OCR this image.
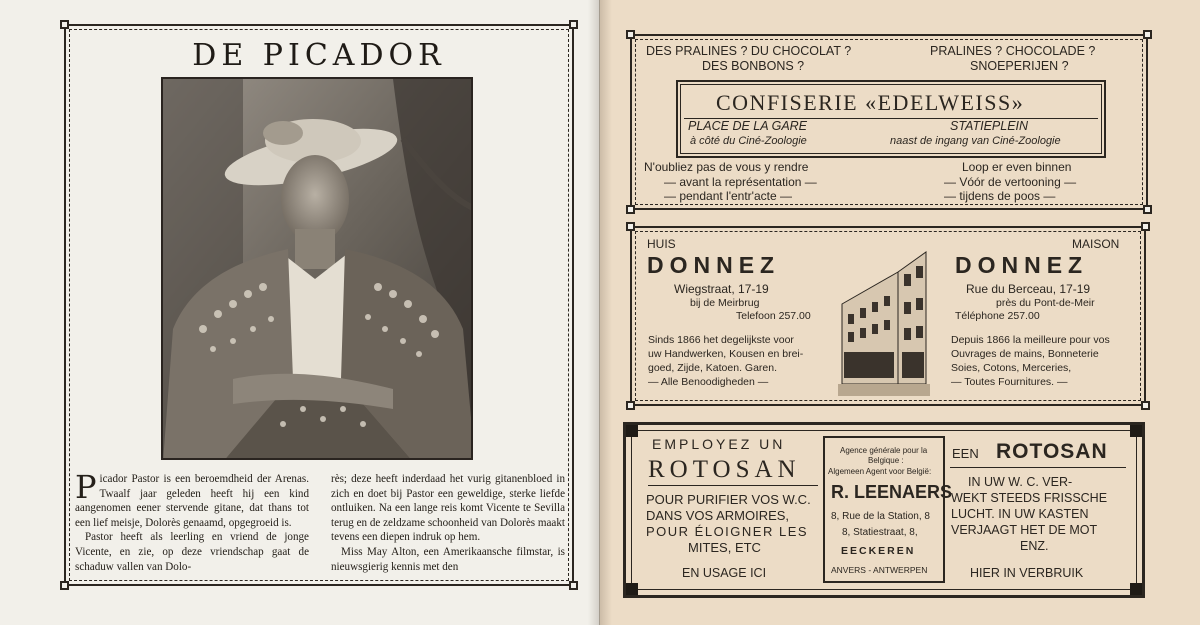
DE PICADOR

Picador Pastor is een beroemdheid der Arenas. Twaalf jaar geleden heeft hij een kind aangenomen eener stervende gitane, dat thans tot een lief meisje, Dolorès genaamd, opgegroeid is.

Pastor heeft als leerling en vriend de jonge Vicente, en zie, op deze vriendschap gaat de schaduw vallen van Dolo-

rès; deze heeft inderdaad het vurig gitanenbloed in zich en doet bij Pastor een geweldige, sterke liefde ontluiken. Na een lange reis komt Vicente te Sevilla terug en de zeldzame schoonheid van Dolorès maakt tevens een diepen indruk op hem.

Miss May Alton, een Amerikaansche filmstar, is nieuwsgierig kennis met den

DES PRALINES ? DU CHOCOLAT ?
DES BONBONS ?
PRALINES ? CHOCOLADE ?
SNOEPERIJEN ?
CONFISERIE «EDELWEISS»
PLACE DE LA GARE	STATIEPLEIN
à côté du Ciné-Zoologie	naast de ingang van Ciné-Zoologie
N'oubliez pas de vous y rendre
— avant la représentation —
— pendant l'entr'acte —
Loop er even binnen
— Vóór de vertooning —
— tijdens de poos —
HUIS	MAISON
DONNEZ	DONNEZ
Wiegstraat, 17-19
bij de Meirbrug
Telefoon 257.00
Rue du Berceau, 17-19
près du Pont-de-Meir
Téléphone 257.00
Sinds 1866 het degelijkste voor
uw Handwerken, Kousen en brei-
goed, Zijde, Katoen. Garen.
— Alle Benoodigheden —
Depuis 1866 la meilleure pour vos
Ouvrages de mains, Bonneterie
Soies, Cotons, Merceries,
— Toutes Fournitures. —
EMPLOYEZ UN
ROTOSAN
POUR PURIFIER VOS W.C.
DANS VOS ARMOIRES,
POUR ÉLOIGNER LES
MITES, ETC
EN USAGE ICI
Agence générale pour la
Belgique :
Algemeen Agent voor België:
R. LEENAERS
8, Rue de la Station, 8
8, Statiestraat, 8,
EECKEREN
ANVERS - ANTWERPEN
EEN ROTOSAN
IN UW W. C. VER-
WEKT STEEDS FRISSCHE
LUCHT. IN UW KASTEN
VERJAAGT HET DE MOT
ENZ.
HIER IN VERBRUIK
